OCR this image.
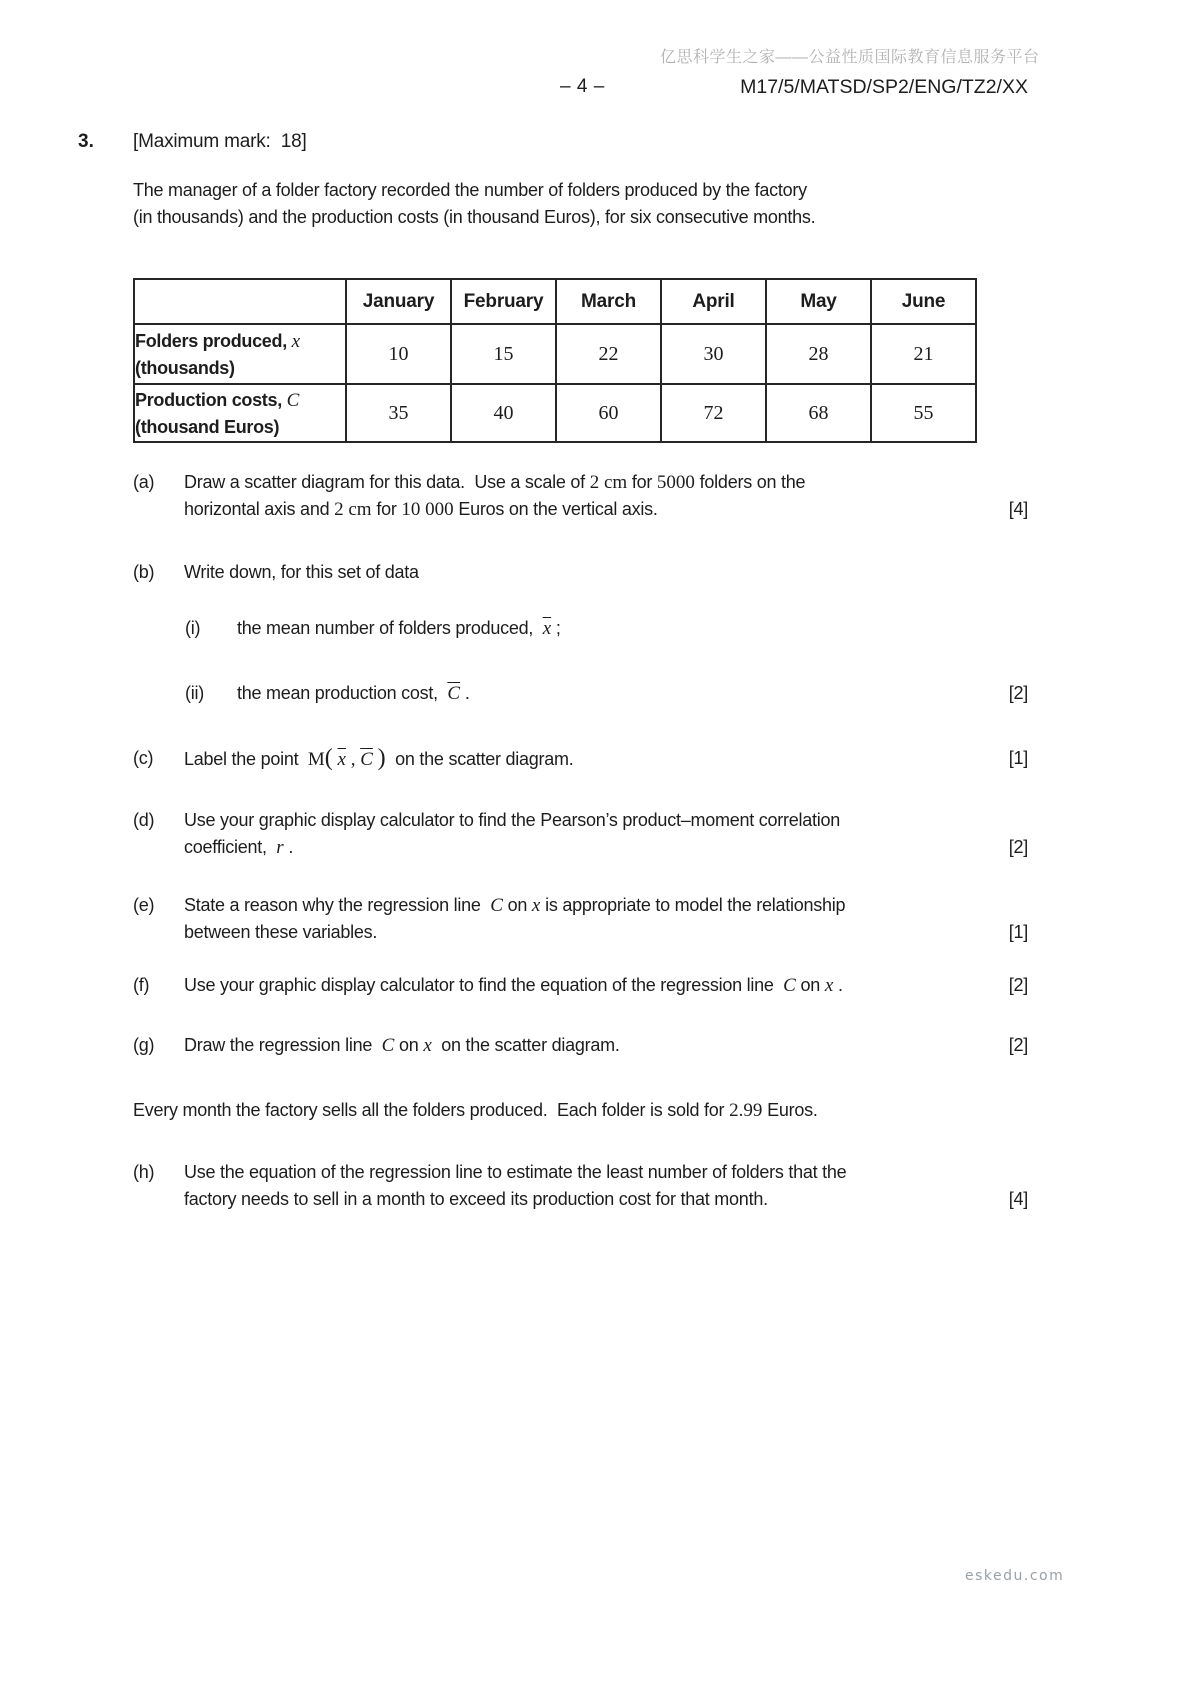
亿思科学生之家——公益性质国际教育信息服务平台
– 4 –	M17/5/MATSD/SP2/ENG/TZ2/XX
3. [Maximum mark:  18]
The manager of a folder factory recorded the number of folders produced by the factory
(in thousands) and the production costs (in thousand Euros), for six consecutive months.
	January	February	March	April	May	June

Folders produced, x
(thousands)	10	15	22	30	28	21

Production costs, C
(thousand Euros)	35	40	60	72	68	55
(a) Draw a scatter diagram for this data.  Use a scale of 2 cm for 5000 folders on the
horizontal axis and 2 cm for 10 000 Euros on the vertical axis.	[4]
(b) Write down, for this set of data
(i) the mean number of folders produced,  $\overline{x}$ ;
(ii) the mean production cost,  $\overline{C}$ .	[2]
(c) Label the point  M( $\overline{x}$ , $\overline{C}$ )  on the scatter diagram.	[1]
(d) Use your graphic display calculator to find the Pearson’s product–moment correlation
coefficient,  r .	[2]
(e) State a reason why the regression line  C on x is appropriate to model the relationship
between these variables.	[1]
(f) Use your graphic display calculator to find the equation of the regression line  C on x .	[2]
(g) Draw the regression line  C on x  on the scatter diagram.	[2]
Every month the factory sells all the folders produced.  Each folder is sold for 2.99 Euros.
(h) Use the equation of the regression line to estimate the least number of folders that the
factory needs to sell in a month to exceed its production cost for that month.	[4]
eskedu.com
